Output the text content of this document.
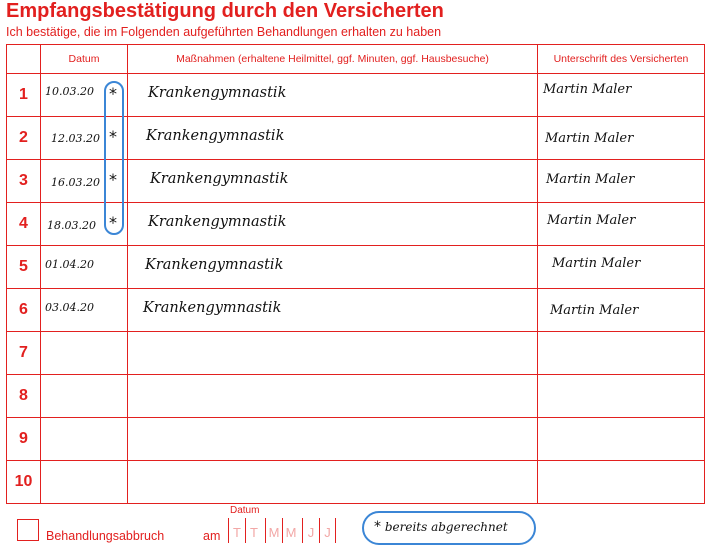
Empfangsbestätigung durch den Versicherten
Ich bestätige, die im Folgenden aufgeführten Behandlungen erhalten zu haben
	Datum	Maßnahmen (erhaltene Heilmittel, ggf. Minuten, ggf. Hausbesuche)	Unterschrift des Versicherten
1	10.03.20 *	Krankengymnastik	Martin Maler

2	12.03.20 *	Krankengymnastik	Martin Maler

3	16.03.20 *	Krankengymnastik	Martin Maler

4	18.03.20 *	Krankengymnastik	Martin Maler

5	01.04.20	Krankengymnastik	Martin Maler

6	03.04.20	Krankengymnastik	Martin Maler

7	

8	

9	

10	

Behandlungsabbruch	am
Datum
T T M M J J	* bereits abgerechnet
